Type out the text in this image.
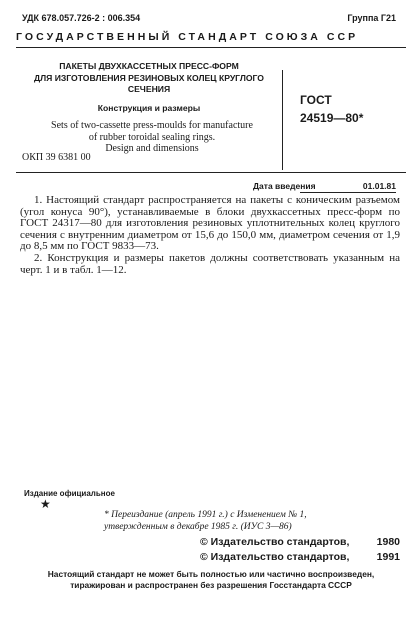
УДК 678.057.726-2 : 006.354	Группа Г21
ГОСУДАРСТВЕННЫЙ СТАНДАРТ СОЮЗА ССР
ПАКЕТЫ ДВУХКАССЕТНЫХ ПРЕСС-ФОРМ
ДЛЯ ИЗГОТОВЛЕНИЯ РЕЗИНОВЫХ КОЛЕЦ КРУГЛОГО
СЕЧЕНИЯ
Конструкция и размеры
Sets of two-cassette press-moulds for manufacture
of rubber toroidal sealing rings.
Design and dimensions
ОКП 39 6381 00
ГОСТ
24519—80*
Дата введения	01.01.81

1. Настоящий стандарт распространяется на пакеты с коническим разъемом (угол конуса 90°), устанавливаемые в блоки двухкассетных пресс-форм по ГОСТ 24317—80 для изготовления резиновых уплотнительных колец круглого сечения с внутренним диаметром от 15,6 до 150,0 мм, диаметром сечения от 1,9 до 8,5 мм по ГОСТ 9833—73.

2. Конструкция и размеры пакетов должны соответствовать указанным на черт. 1 и в табл. 1—12.

Издание официальное
★
* Переиздание (апрель 1991 г.) с Изменением № 1,
утвержденным в декабре 1985 г. (ИУС 3—86)
© Издательство стандартов,	1980
© Издательство стандартов,	1991
Настоящий стандарт не может быть полностью или частично воспроизведен,
тиражирован и распространен без разрешения Госстандарта СССР
